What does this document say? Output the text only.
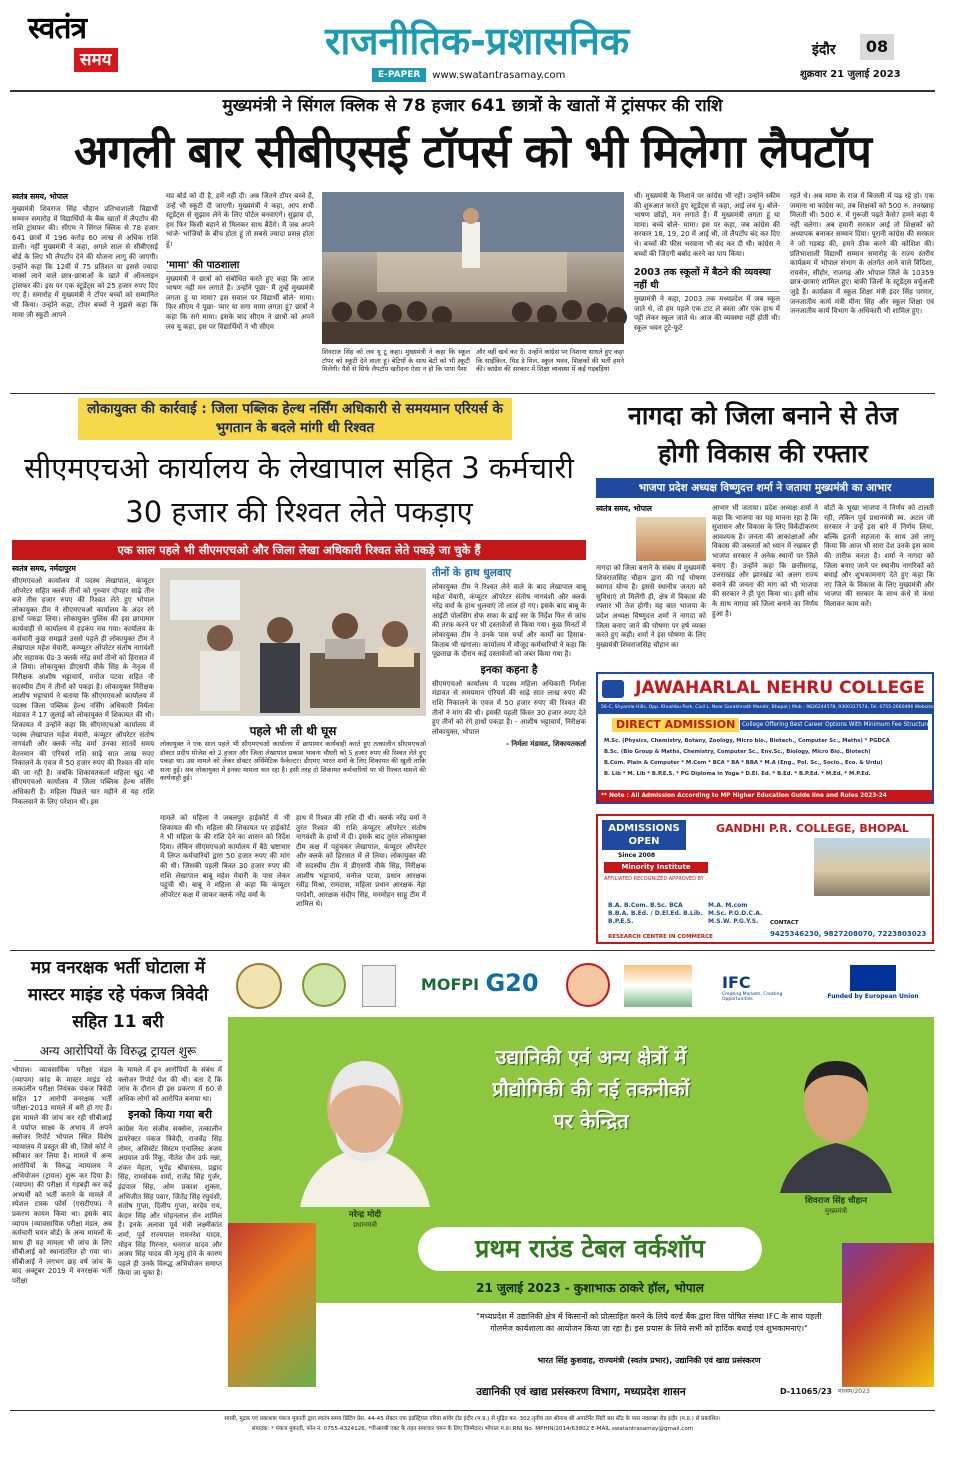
स्वतंत्र
समय	राजनीतिक-प्रशासनिक
E-PAPER	www.swatantrasamay.com
इंदौर	08
शुक्रवार 21 जुलाई 2023
मुख्यमंत्री ने सिंगल क्लिक से 78 हजार 641 छात्रों के खातों में ट्रांसफर की राशि
अगली बार सीबीएसई टॉपर्स को भी मिलेगा लैपटॉप
स्वतंत्र समय, भोपाल

मुख्यमंत्री शिवराज सिंह चौहान प्रतिभाशाली विद्यार्थी सम्मान समारोह में विद्यार्थियों के बैंक खातों में लैपटॉप की राशि ट्रांसफर की। सीएम ने सिंगल क्लिक से 78 हजार 641 छात्रों में 196 करोड़ 60 लाख से अधिक राशि डाली। नहीं मुख्यमंत्री ने कहा, अगले साल से सीबीएसई बोर्ड के लिए भी लैपटॉप देने की योजना लागू की जाएगी। उन्होंने कहा कि 12वीं में 75 प्रतिशत या इससे ज्यादा मार्क्स लाने वाले छात्र-छात्राओं के खाते में ऑनलाइन ट्रांसफर की। इस पर एक स्टूडेंट्स को 25 हजार रुपए दिए गए हैं। समारोह में मुख्यमंत्री ने टॉपर बच्चों को सम्मानित भी किया। उन्होंने कहा, टॉपर बच्चों ने मुझसे कहा कि मामा जी स्कूटी आपने

मप्र बोर्ड को दी है, हमें नहीं दी। अब जितने टॉपर बच्चे हैं, उन्हें भी स्कूटी दी जाएगी। मुख्यमंत्री ने कहा, आप सभी स्टूडेंट्स से सुझाव लेने के लिए पोर्टल बनवाएंगे। सुझाव दो, हम फिर किसी बहाने से मिलकर साथ बैठेंगे। मैं जब अपने भांजे- भांजियों के बीच होता हूं तो सबसे ज्यादा प्रसन्न होता हूं।

'मामा' की पाठशाला

मुख्यमंत्री ने छात्रों को संबोधित करते हुए कहा कि आज भाषण नहीं मन लगाते हैं। उन्होंने पूछा- मैं तुम्हें मुख्यमंत्री लगता हूं या मामा? इस सवाल पर विद्यार्थी बोले- मामा। फिर सीएम ने पूछा- प्यार या सगा मामा लगता हूं? छात्रों ने कहा कि सगे मामा। इसके बाद सीएम ने छात्रों को अपने लव यू कहा, इस पर विद्यार्थियों ने भी सीएम

शिवराज सिंह को लव यू टू कहा। मुख्यमंत्री ने कहा कि स्कूल टॉपर को स्कूटी देने वाला हूं। बेटियों के साथ बेटों को भी स्कूटी मिलेगी। पैसे से सिर्फ लैपटॉप खरीदना ऐसा न हो कि पापा पैसा
और वहीं खर्च कर दें। उन्होंने कांग्रेस पर निशाना साधते हुए कहा कि साईकिल, मिड डे मिल, स्कूल भवन, शिक्षकों की भर्ती हमने की। कांग्रेस की सरकार में शिक्षा व्यवस्था में कई गड़बड़ियां

थीं। मुख्यमंत्री के निशाने पर कांग्रेस भी रही। उन्होंने स्कीम की शुरुआत करते हुए स्टूडेंट्स से कहा, आई लव यू। बोले- भाषण छोड़ो, मन लगाते हैं। मैं मुख्यमंत्री लगता हूं या मामा। बच्चे बोले- मामा। इस पर कहा, जब कांग्रेस की सरकार 18, 19, 20 में आई थी, तो लैपटॉप बंद कर दिए थे। बच्चों की फीस भरवाना भी बंद कर दी थी। कांग्रेस ने बच्चों की जिंदगी बर्बाद करने का पाप किया।

2003 तक स्कूलों में बैठने की व्यवस्था नहीं थी

मुख्यमंत्री ने कहा, 2003 तक मध्यप्रदेश में जब स्कूल जाते थे, तो हम पहले एक टाट ले बस्ता और एक हाथ में पट्टी लेकर स्कूल जाते थे। आज की व्यवस्था नहीं होती थी। स्कूल भवन टूटे-फूटे

रहते थे। अब मामा के राज में बिजली में पढ़ रहे हो। एक जमाना था कांग्रेस का, तब शिक्षकों को 500 रु. तनख्वाह मिलती थी। 500 रु. में गुरूजी पढ़ते कैसे? हमने कहा ये नहीं चलेगा। अब हमारी सरकार आई तो शिक्षकों को अध्यापक बनाकर सम्मान दिया। पूरानी कांग्रेस की सरकार ने जो गड़बड़ की, हमने ठीक करने की कोशिश की। प्रतिभाशाली विद्यार्थी सम्मान समारोह के राज्य स्तरीय कार्यक्रम में भोपाल संभाग के अंतर्गत आने वाले विदिशा, रायसेन, सीहोर, राजगढ़ और भोपाल जिले के 10359 छात्र-छात्राएं शामिल हुए। बाकी जिलों के स्टूडेंट्स वर्चुअली जुड़े हैं। कार्यक्रम में स्कूल शिक्षा मंत्री इंदर सिंह परमार, जनजातीय कार्य मंत्री मीना सिंह और स्कूल शिक्षा एवं जनजातीय कार्य विभाग के अधिकारी भी शामिल हुए।

लोकायुक्त की कार्रवाई : जिला पब्लिक हेल्थ नर्सिंग अधिकारी से समयमान एरियर्स के भुगतान के बदले मांगी थी रिश्वत
सीएमएचओ कार्यालय के लेखापाल सहित 3 कर्मचारी 30 हजार की रिश्वत लेते पकड़ाए
एक साल पहले भी सीएमएचओ और जिला लेखा अधिकारी रिश्वत लेते पकड़े जा चुके हैं
स्वतंत्र समय, नर्मदापुरम

सीएमएचओ कार्यालय में पदस्थ लेखापाल, कंप्यूटर ऑपरेटर सहित क्लर्क तीनों को गुरुवार दोपहर साढ़े तीन बजे तीस हजार रुपए की रिश्वत लेते हुए भोपाल लोकायुक्त टीम ने सीएमएचओ कार्यालय के अंदर रंगे हाथों पकड़ा लिया। लोकायुक्त पुलिस की इस छापामार कार्यवाही से कार्यालय में हड़कंप मच गया। कार्यालय के कर्मचारी कुछ समझते उससे पहले ही लोकायुक्त टीम ने लेखापाल महेश मेवारी, कम्प्यूटर ऑपरेटर संतोष नागवंशी और सहायक ग्रेड-3 क्लर्क नरेंद्र वर्मा तीनों को हिरासत में ले लिया। लोकायुक्त डीएसपी वीके सिंह के नेतृत्व में निरीक्षक आशीष भट्टाचार्य, मनोज पटवा सहित नौ सदस्यीय टीम ने तीनों को पकड़ा है। लोकायुक्त निरीक्षक आशीष भट्टाचार्य ने बताया कि सीएमएचओ कार्यालय में पदस्थ जिला पब्लिक हेल्थ नर्सिंग अधिकारी निर्मला मंडावत ने 17 जुलाई को लोकायुक्त में शिकायत की थी। शिकायत में उन्होंने कहा कि सीएमएचओ कार्यालय में पदस्थ लेखापाल महेश मेवारी, कंप्यूटर ऑपरेटर संतोष नागवंशी और क्लर्क नरेंद्र वर्मा उनका सातवें समय वेतनमान की एरियर्स राशि साढ़े सात लाख रुपए निकालने के एवज में 50 हजार रुपए की रिश्वत की मांग की जा रही है। जबकि शिकायतकर्ता महिला खुद भी सीएमएचओ कार्यालय में जिला पब्लिक हेल्थ नर्सिंग अधिकारी हैं। महिला पिछले चार महीने से यह राशि निकलवाने के लिए परेशान थी। इस

पहले भी ली थी घूस
लोकायुक्त ने एक साल पहले भी सीएमएचओ कार्यालय में छापामार कार्यवाही करते हुए तत्कालीन सीएमएचओ डॉक्टर प्रदीप मोजेश को 2 हजार और जिला लेखापाल प्रकाश भावना चौधरी को 5 हजार रुपए की रिश्वत लेते हुए पकड़ा था। उस मामले को लेकर डॉक्टर अर्थिमेटिक फैकेल्टर। डीएमए भारत शर्मा के लिए शिकायत की खुली ताकि सजा हुई। अब लोकायुक्त में इनका मामला चल रहा है। इसी तरह दो शिकायत कर्मचारियों पर भी रिश्वत मामले की कार्यवाही हुई।

मामले को महिला ने जबलपुर हाईकोर्ट में भी शिकायत की थी। महिला की शिकायत पर हाईकोर्ट ने भी महिला के की राशि देने का शासन को निर्देश दिया। लेकिन सीएमएचओ कार्यालय में बैठे भ्रष्टाचार में लिप्त कर्मचारियों द्वारा 50 हजार रुपए की मांग की थी। जिसकी पहली किस्त 30 हजार रुपए की राशि लेखापाल बाबू महेश मेवारी के पास लेकर पहुंची थी। बाबू ने महिला से कहा कि कंप्यूटर ऑपरेटर कक्ष में जाकर क्लर्क नरेंद्र वर्मा के

हाथ में रिश्वत की राशि दी थी। क्लर्क नरेंद्र वर्मा ने तुरंत रिश्वत की राशि कंप्यूटर ऑपरेटर संतोष नागवंशी के हाथों में दी। इसके बाद तुरंत लोकायुक्त टीम कक्ष में पहुंचकर लेखापाल, कंप्यूटर ऑपरेटर और क्लर्क को हिरासत में ले लिया। लोकायुक्त की नौ सदस्यीय टीम में डीएसपी वीके सिंह, निरीक्षक आशीष भट्टाचार्य, मनोज पटवा, प्रधान आरक्षक रवींद्र मिश्रा, रामदास, महिला प्रधान आरक्षक नेहा परदेशी, आरक्षक संदीप सिंह, मनमोहन साहू टीम में शामिल थे।

तीनों के हाथ धुलवाए

लोकायुक्त टीम ने रिश्वत लेने वाले के बाद लेखापाल बाबू महेश मेवारी, कंप्यूटर ऑपरेटर संतोष नागवंशी और क्लर्क नरेंद्र वर्मा के हाथ धुलवाएं तो लाल हो गए। इसके बाद बाबू के आईटी पोलसिंग सेफ सफा के ढाई सर के निर्देश फिर से जांच की तरफ़ करने पर भी दस्तावेजों से किया गया। कुछ मिनटों में लोकायुक्त टीम ने उनके पास चर्चा और कार्यों का हिसाब-किताब भी खंगाला। कार्यालय में मौजूद कर्मचारियों ने कहा कि पूछताछ के दौरान कई दस्तावेजों को जब्त किया गया है।

इनका कहना है

सीएमएचओ कार्यालय में पदस्थ महिला अधिकारी निर्मला मंडावत से समयमान एरियर्स की साढ़े सात लाख रुपए की राशि निकालने के एवज में 50 हजार रुपए की रिश्वत की तीनों ने मांग की थी। इसकी पहली किस्त 30 हजार रुपए देते हुए तीनों को रंगे हाथों पकड़ा है। - आशीष भट्टाचार्य, निरीक्षक लोकायुक्त, भोपाल

- निर्मला मंडावत, शिकायतकर्ता

नागदा को जिला बनाने से तेज
होगी विकास की रफ्तार
भाजपा प्रदेश अध्यक्ष विष्णुदत्त शर्मा ने जताया मुख्यमंत्री का आभार
स्वतंत्र समय, भोपाल

नागदा को जिला बनाने के संबंध में मुख्यमंत्री शिवराजसिंह चौहान द्वारा की गई घोषणा स्वागत योग्य है। इससे स्थानीय जनता को सुविधाएं तो मिलेंगी ही, क्षेत्र में विकास की रफ्तार भी तेज होगी। यह बात भाजपा के प्रदेश अध्यक्ष विष्णुदत्त शर्मा ने नागदा को जिला बनाए जाने की घोषणा पर हर्ष व्यक्त करते हुए कही। शर्मा ने इस घोषणा के लिए मुख्यमंत्री शिवराजसिंह चौहान का

आभार भी जताया। प्रदेश अध्यक्ष शर्मा ने कहा कि भाजपा का यह मानना रहा है कि सुशासन और विकास के लिए विकेंद्रीकरण आवश्यक है। जनता की आकांक्षाओं और विकास की जरूरतों को ध्यान में रखकर ही भाजपा सरकार ने अनेक स्थानों पर जिले बनाए हैं। उन्होंने कहा कि छत्तीसगढ़, उत्तराखंड और झारखंड को अलग राज्य बनाने की जनता की मांग को भी भाजपा की सरकार ने ही पूरा किया था। इसी सोच के साथ नागदा को जिला बनाने का निर्णय हुआ है।

वोटों के भूखा भाजपा ने निर्णय को टालती रही, लेकिन पूर्व प्रधानमंत्री स्व. अटल जी सरकार ने उन्हें इस बारे में निर्णय लिया, बल्कि इतनी सहजता के साथ उसे लागू किया कि आज भी सारा देश उनके इस काम की तारीफ करता है। शर्मा ने नागदा को जिला बनाए जाने पर स्थानीय नागरिकों को बधाई और शुभकामनाएं देते हुए कहा कि नए जिले के विकास के लिए मुख्यमंत्री और भाजपा की सरकार के साथ कंधे से कंधा मिलाकर काम करें।

JAWAHARLAL NEHRU COLLEGE
56-C, Shyamla Hills, Opp. Khushbu Park, Civil L. Near Gorakhnath Mandir, Bhopal | Mob : 9826244578, 9300317574, Tel. 0755-2660496 Website: www.jncbpl.com
DIRECT ADMISSION	College Offering Best Career Options With Minimum Fee Structure
M.Sc. (Physics, Chemistry, Botany, Zoology, Micro bio., Biotech., Computer Sc., Maths) * PGDCA
B.Sc. (Bio Group & Maths, Chemistry, Computer Sc., Env.Sc., Biology, Micro Bio., Biotech)
B.Com. Plain & Computer * M.Com * BCA * BA * BBA * M.A (Eng., Pol. Sc., Socio., Eco. & Urdu)
B. Lib * M. Lib * B.P.E.S. * PG Diploma in Yoga * D.El. Ed. * B.Ed. * B.P.Ed. * M.Ed. * M.P.Ed.
** Note : All Admission According to MP Higher Education Guide line and Rules 2023-24
ADMISSIONS OPEN
Since 2008
GANDHI P.R. COLLEGE, BHOPAL
Minority Institute
AFFILIATED RECOGNIZED APPROVED BY
B.A. B.Com. B.Sc. BCA B.B.A. B.Ed. / D.El.Ed. B.Lib. B.P.E.S.
M.A. M.com M.Sc. P.G.D.C.A. M.S.W. P.G.Y.S.
RESEARCH CENTRE IN COMMERCE
CONTACT
9425346230, 9827208070, 7223803023
मप्र वनरक्षक भर्ती घोटाला में मास्टर माइंड रहे पंकज त्रिवेदी सहित 11 बरी
अन्य आरोपियों के विरुद्ध ट्रायल शुरू

भोपाल। व्यावसायिक परीक्षा मंडल (व्यापम) कांड के मास्टर माइंड रहे तत्कालीन परीक्षा नियंत्रक पंकज त्रिवेदी सहित 17 आरोपी वनरक्षक भर्ती परीक्षा-2013 मामले में बरी हो गए हैं। इस मामले की जांच कर रही सीबीआई ने पर्याप्त साक्ष्य के अभाव में अपने क्लोजर रिपोर्ट भोपाल स्थित विशेष न्यायालय में प्रस्तुत की थी, जिसे कोर्ट ने स्वीकार कर लिया है। मामले में अन्य आरोपियों के विरुद्ध न्यायालय ने अभियोजन (ट्रायल) शुरू कर दिया है। (व्यापम) की परीक्षा में गड़बड़ी कर कई अभ्यर्थी को भर्ती कराने के मामले में स्पेशल टास्क फोर्स (एसटीएफ) ने प्रकरण कायम किया था। इसके बाद व्यापम (व्यावसायिक परीक्षा मंडल, अब कर्मचारी चयन बोर्ड) के अन्य मामलों के साथ ही यह मामला भी जांच के लिए सीबीआई को स्थानांतरित हो गया था। सीबीआई ने लगभग छह वर्ष जांच के बाद अक्टूबर 2019 में वनरक्षक भर्ती परीक्षा

के मामले में इन आरोपियों के संबंध में क्लोजर रिपोर्ट पेश की थी। बता दें कि जांच के दौरान ही इस प्रकरण में 60 से अधिक लोगों को आरोपित बनाया था।

इनको किया गया बरी

कांग्रेस नेता संजीव सक्सेना, तत्कालीन डायरेक्टर पंकज त्रिवेदी, राजवेंद्र सिंह तोमर, असिस्टेंट सिस्टम एनालिस्ट अजय अग्रवाल उर्फ रिंकू, नीतेश जैन उर्फ नन्ना, शंकर मेहता, भूपेंद्र श्रीवास्तव, प्रह्लाद सिंह, रामसेवक शर्मा, राजेंद्र सिंह गुर्जर, इंद्रपाल सिंह, ओम प्रकाश शुक्ला, अभिजीत सिंह पवार, जितेंद्र सिंह रघुवंशी, संतोष गुप्ता, दिलीप गुप्ता, वरदेव राय, केदार सिंह और मोहनलाल सेन शामिल हैं। इनके अलावा पूर्व मंत्री लक्ष्मीकांत शर्मा, पूर्व राज्यपाल रामनरेश यादव, मोहन सिंह गिरनार, धनराज यादव और अजय सिंह यादव की मृत्यु होने के कारण पहले ही उनके विरुद्ध अभियोजन समाप्त किया जा चुका है।

MOFPI G20	IFC
Creating Markets, Creating Opportunities	Funded by European Union
नरेन्द्र मोदी
प्रधानमंत्री
उद्यानिकी एवं अन्य क्षेत्रों में
प्रौद्योगिकी की नई तकनीकों
पर केन्द्रित
शिवराज सिंह चौहान
मुख्यमंत्री
प्रथम राउंड टेबल वर्कशॉप
21 जुलाई 2023 - कुशाभाऊ ठाकरे हॉल, भोपाल
"मध्यप्रदेश में उद्यानिकी क्षेत्र में किसानों को प्रोत्साहित करने के लिये वर्ल्ड बैंक द्वारा वित्त पोषित संस्था IFC के साथ पहली गोलमेज कार्यशाला का आयोजन किया जा रहा है। इस प्रयास के लिये सभी को हार्दिक बधाई एवं शुभकामनाएं।"
भारत सिंह कुशवाह, राज्यमंत्री (स्वतंत्र प्रभार), उद्यानिकी एवं खाद्य प्रसंस्करण
उद्यानिकी एवं खाद्य प्रसंस्करण विभाग, मध्यप्रदेश शासन	माध्यम/2023
D-11065/23
स्वामी, मुद्रक एवं प्रकाशक पंकज मुकाती द्वारा स्वतंत्र समय प्रिंटिंग प्रेस, 44-45 सेक्टर एफ इंडस्ट्रियल एरिया सांवेर रोड इंदौर (म.प्र.) से मुद्रित कर, 302 तृतीय तल श्रीनाथ श्री अपार्टमेंट सिटी बस स्टैंड के पास नवलखा रोड इंदौर (म.प्र.) से प्रकाशित।
संपादक: * पंकज मुकाती, फोन नं. 0755-4324126, *पीआरबी एक्ट के तहत समाचार चयन के लिए जिम्मेदार। भोपाल म.प्र। RNI No. MPHIN/2014/63802 E-MAIL swatantrasamay@gmail.com
